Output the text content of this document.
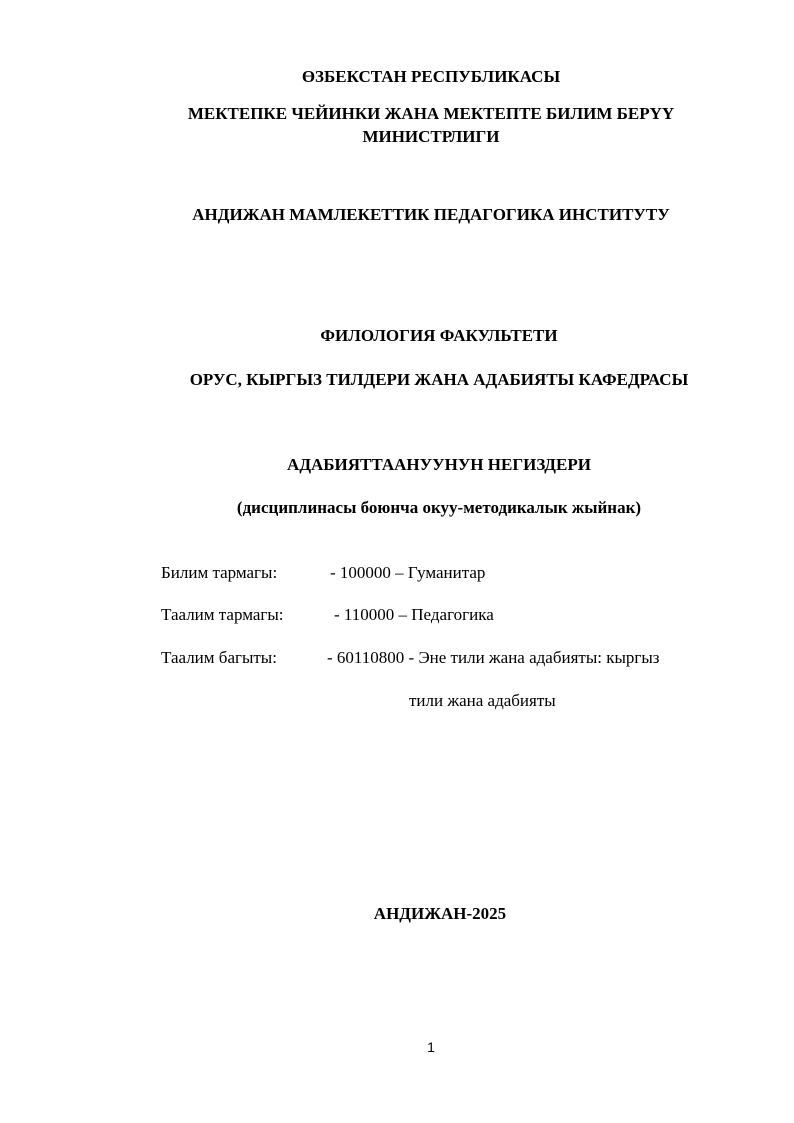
ӨЗБЕКСТАН РЕСПУБЛИКАСЫ
МЕКТЕПКЕ ЧЕЙИНКИ ЖАНА МЕКТЕПТЕ БИЛИМ БЕРҮҮ
МИНИСТРЛИГИ
АНДИЖАН МАМЛЕКЕТТИК ПЕДАГОГИКА ИНСТИТУТУ
ФИЛОЛОГИЯ ФАКУЛЬТЕТИ
ОРУС, КЫРГЫЗ ТИЛДЕРИ ЖАНА АДАБИЯТЫ КАФЕДРАСЫ
АДАБИЯТТААНУУНУН НЕГИЗДЕРИ
(дисциплинасы боюнча окуу-методикалык жыйнак)
Билим тармагы:	- 100000 – Гуманитар
Таалим тармагы:	- 110000 – Педагогика
Таалим багыты:	- 60110800 - Эне тили жана адабияты: кыргыз
тили жана адабияты
АНДИЖАН-2025
1
